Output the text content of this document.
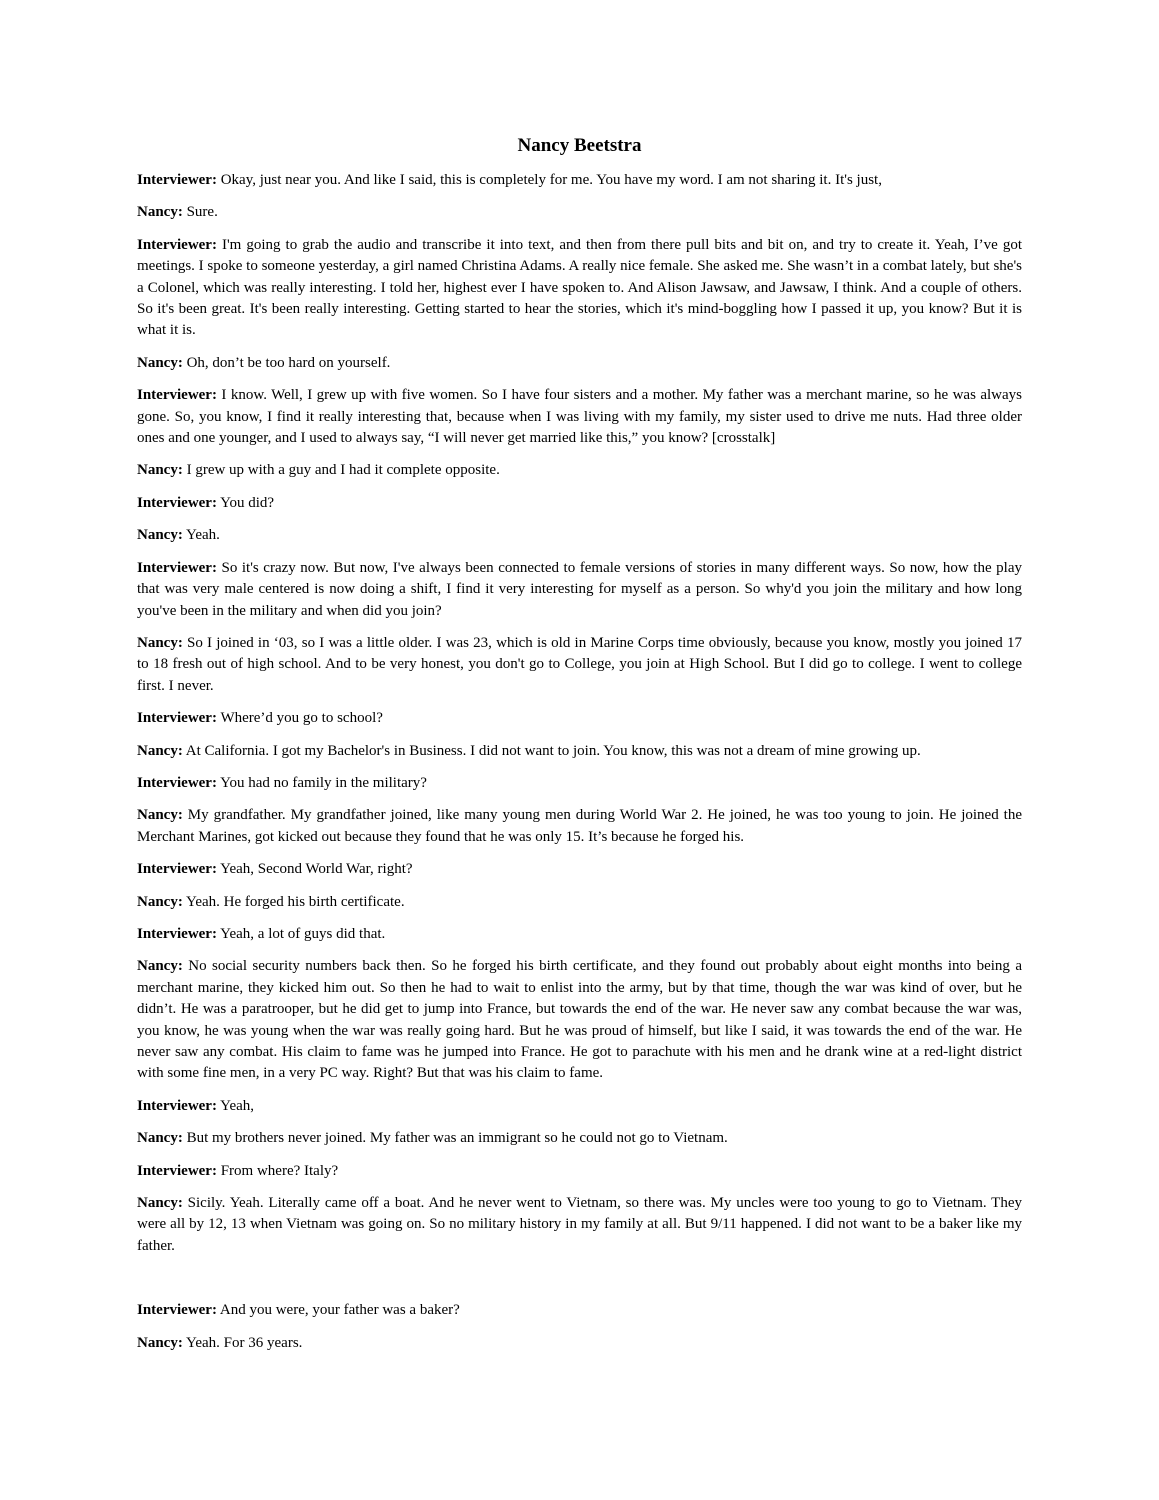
Nancy Beetstra

Interviewer: Okay, just near you. And like I said, this is completely for me. You have my word. I am not sharing it. It's just,

Nancy: Sure.

Interviewer: I'm going to grab the audio and transcribe it into text, and then from there pull bits and bit on, and try to create it. Yeah, I’ve got meetings. I spoke to someone yesterday, a girl named Christina Adams. A really nice female. She asked me. She wasn’t in a combat lately, but she's a Colonel, which was really interesting. I told her, highest ever I have spoken to. And Alison Jawsaw, and Jawsaw, I think. And a couple of others. So it's been great. It's been really interesting. Getting started to hear the stories, which it's mind-boggling how I passed it up, you know? But it is what it is.

Nancy: Oh, don’t be too hard on yourself.

Interviewer: I know. Well, I grew up with five women. So I have four sisters and a mother. My father was a merchant marine, so he was always gone. So, you know, I find it really interesting that, because when I was living with my family, my sister used to drive me nuts. Had three older ones and one younger, and I used to always say, “I will never get married like this,” you know? [crosstalk]

Nancy: I grew up with a guy and I had it complete opposite.

Interviewer: You did?

Nancy: Yeah.

Interviewer: So it's crazy now. But now, I've always been connected to female versions of stories in many different ways. So now, how the play that was very male centered is now doing a shift, I find it very interesting for myself as a person. So why'd you join the military and how long you've been in the military and when did you join?

Nancy: So I joined in ‘03, so I was a little older. I was 23, which is old in Marine Corps time obviously, because you know, mostly you joined 17 to 18 fresh out of high school. And to be very honest, you don't go to College, you join at High School. But I did go to college. I went to college first. I never.

Interviewer: Where’d you go to school?

Nancy: At California. I got my Bachelor's in Business. I did not want to join. You know, this was not a dream of mine growing up.

Interviewer: You had no family in the military?

Nancy: My grandfather. My grandfather joined, like many young men during World War 2. He joined, he was too young to join. He joined the Merchant Marines, got kicked out because they found that he was only 15. It’s because he forged his.

Interviewer: Yeah, Second World War, right?

Nancy: Yeah. He forged his birth certificate.

Interviewer: Yeah, a lot of guys did that.

Nancy: No social security numbers back then. So he forged his birth certificate, and they found out probably about eight months into being a merchant marine, they kicked him out. So then he had to wait to enlist into the army, but by that time, though the war was kind of over, but he didn’t. He was a paratrooper, but he did get to jump into France, but towards the end of the war. He never saw any combat because the war was, you know, he was young when the war was really going hard. But he was proud of himself, but like I said, it was towards the end of the war. He never saw any combat. His claim to fame was he jumped into France. He got to parachute with his men and he drank wine at a red-light district with some fine men, in a very PC way. Right? But that was his claim to fame.

Interviewer: Yeah,

Nancy: But my brothers never joined. My father was an immigrant so he could not go to Vietnam.

Interviewer: From where? Italy?

Nancy: Sicily. Yeah. Literally came off a boat. And he never went to Vietnam, so there was. My uncles were too young to go to Vietnam. They were all by 12, 13 when Vietnam was going on. So no military history in my family at all. But 9/11 happened. I did not want to be a baker like my father.

Interviewer: And you were, your father was a baker?

Nancy: Yeah. For 36 years.
